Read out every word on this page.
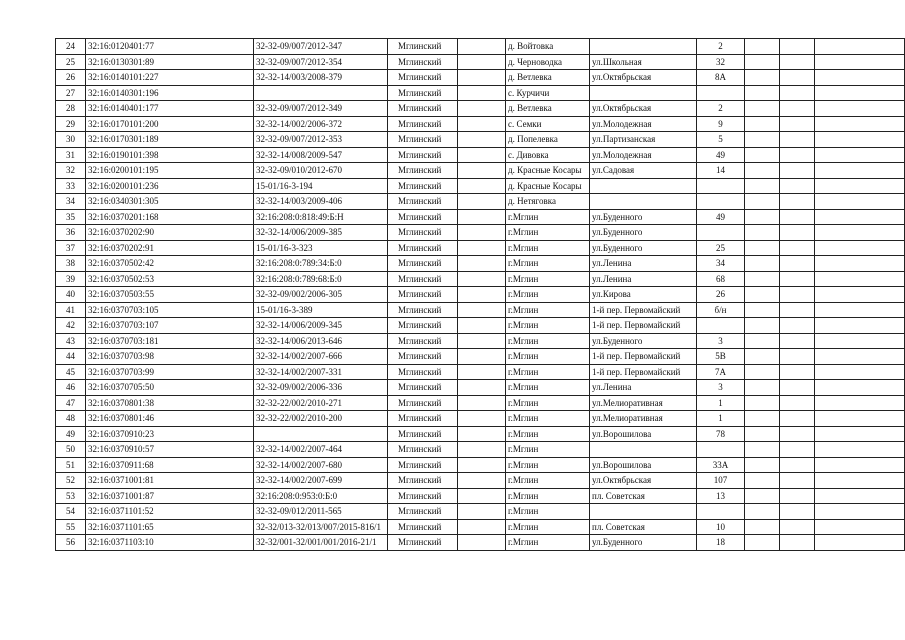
24	32:16:0120401:77	32-32-09/007/2012-347	Мглинский		д. Войтовка		2			
25	32:16:0130301:89	32-32-09/007/2012-354	Мглинский		д. Черноводка	ул.Школьная	32			
26	32:16:0140101:227	32-32-14/003/2008-379	Мглинский		д. Ветлевка	ул.Октябрьская	8А			
27	32:16:0140301:196		Мглинский		с. Курчичи					
28	32:16:0140401:177	32-32-09/007/2012-349	Мглинский		д. Ветлевка	ул.Октябрьская	2			
29	32:16:0170101:200	32-32-14/002/2006-372	Мглинский		с. Семки	ул.Молодежная	9			
30	32:16:0170301:189	32-32-09/007/2012-353	Мглинский		д. Попелевка	ул.Партизанская	5			
31	32:16:0190101:398	32-32-14/008/2009-547	Мглинский		с. Дивовка	ул.Молодежная	49			
32	32:16:0200101:195	32-32-09/010/2012-670	Мглинский		д. Красные Косары	ул.Садовая	14			
33	32:16:0200101:236	15-01/16-3-194	Мглинский		д. Красные Косары					
34	32:16:0340301:305	32-32-14/003/2009-406	Мглинский		д. Нетяговка					
35	32:16:0370201:168	32:16:208:0:818:49:Б:Н	Мглинский		г.Мглин	ул.Буденного	49			
36	32:16:0370202:90	32-32-14/006/2009-385	Мглинский		г.Мглин	ул.Буденного				
37	32:16:0370202:91	15-01/16-3-323	Мглинский		г.Мглин	ул.Буденного	25			
38	32:16:0370502:42	32:16:208:0:789:34:Б:0	Мглинский		г.Мглин	ул.Ленина	34			
39	32:16:0370502:53	32:16:208:0:789:68:Б:0	Мглинский		г.Мглин	ул.Ленина	68			
40	32:16:0370503:55	32-32-09/002/2006-305	Мглинский		г.Мглин	ул.Кирова	26			
41	32:16:0370703:105	15-01/16-3-389	Мглинский		г.Мглин	1-й пер. Первомайский	б/н			
42	32:16:0370703:107	32-32-14/006/2009-345	Мглинский		г.Мглин	1-й пер. Первомайский				
43	32:16:0370703:181	32-32-14/006/2013-646	Мглинский		г.Мглин	ул.Буденного	3			
44	32:16:0370703:98	32-32-14/002/2007-666	Мглинский		г.Мглин	1-й пер. Первомайский	5В			
45	32:16:0370703:99	32-32-14/002/2007-331	Мглинский		г.Мглин	1-й пер. Первомайский	7А			
46	32:16:0370705:50	32-32-09/002/2006-336	Мглинский		г.Мглин	ул.Ленина	3			
47	32:16:0370801:38	32-32-22/002/2010-271	Мглинский		г.Мглин	ул.Мелиоративная	1			
48	32:16:0370801:46	32-32-22/002/2010-200	Мглинский		г.Мглин	ул.Мелиоративная	1			
49	32:16:0370910:23		Мглинский		г.Мглин	ул.Ворошилова	78			
50	32:16:0370910:57	32-32-14/002/2007-464	Мглинский		г.Мглин					
51	32:16:0370911:68	32-32-14/002/2007-680	Мглинский		г.Мглин	ул.Ворошилова	33А			
52	32:16:0371001:81	32-32-14/002/2007-699	Мглинский		г.Мглин	ул.Октябрьская	107			
53	32:16:0371001:87	32:16:208:0:953:0:Б:0	Мглинский		г.Мглин	пл. Советская	13			
54	32:16:0371101:52	32-32-09/012/2011-565	Мглинский		г.Мглин					
55	32:16:0371101:65	32-32/013-32/013/007/2015-816/1	Мглинский		г.Мглин	пл. Советская	10			
56	32:16:0371103:10	32-32/001-32/001/001/2016-21/1	Мглинский		г.Мглин	ул.Буденного	18			
